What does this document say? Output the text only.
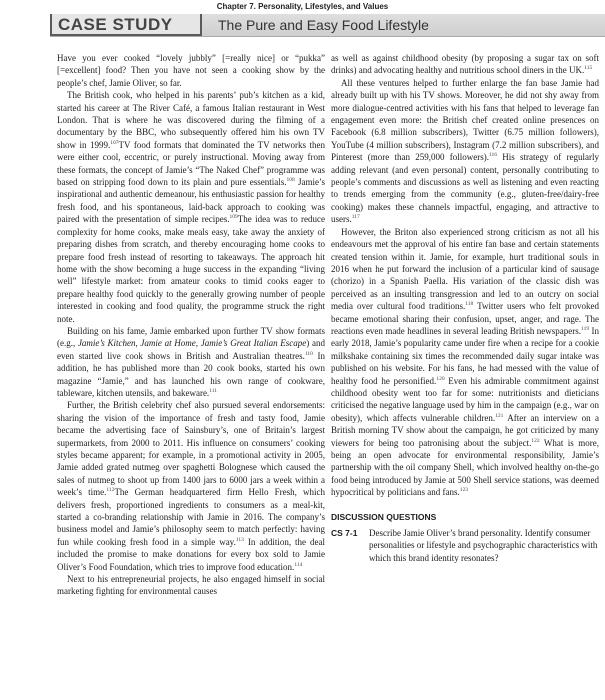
Chapter 7. Personality, Lifestyles, and Values
CASE STUDY	The Pure and Easy Food Lifestyle

Have you ever cooked “lovely jubbly” [=really nice] or “pukka” [=excellent] food? Then you have not seen a cooking show by the people’s chef, Jamie Oliver, so far.

The British cook, who helped in his parents’ pub’s kitchen as a kid, started his career at The River Café, a famous Italian restaurant in West London. That is where he was discovered during the filming of a documentary by the BBC, who subsequently offered him his own TV show in 1999.$^{107}$TV food formats that dominated the TV networks then were either cool, eccentric, or purely instructional. Moving away from these formats, the concept of Jamie’s “The Naked Chef” programme was based on stripping food down to its plain and pure essentials.$^{108}$ Jamie’s inspirational and authentic demeanour, his enthusiastic passion for healthy fresh food, and his spontaneous, laid-back approach to cooking was paired with the presentation of simple recipes.$^{109}$The idea was to reduce complexity for home cooks, make meals easy, take away the anxiety of preparing dishes from scratch, and thereby encouraging home cooks to prepare food fresh instead of resorting to takeaways. The approach hit home with the show becoming a huge success in the expanding “living well” lifestyle market: from amateur cooks to timid cooks eager to prepare healthy food quickly to the generally growing number of people interested in cooking and food quality, the programme struck the right note.

Building on his fame, Jamie embarked upon further TV show formats (e.g., Jamie’s Kitchen, Jamie at Home, Jamie’s Great Italian Escape) and even started live cook shows in British and Australian theatres.$^{110}$ In addition, he has published more than 20 cook books, started his own magazine “Jamie,” and has launched his own range of cookware, tableware, kitchen utensils, and bakeware.$^{111}$

Further, the British celebrity chef also pursued several endorsements: sharing the vision of the importance of fresh and tasty food, Jamie became the advertising face of Sainsbury’s, one of Britain’s largest supermarkets, from 2000 to 2011. His influence on consumers’ cooking styles became apparent; for example, in a promotional activity in 2005, Jamie added grated nutmeg over spaghetti Bolognese which caused the sales of nutmeg to shoot up from 1400 jars to 6000 jars a week within a week’s time.$^{112}$The German headquartered firm Hello Fresh, which delivers fresh, proportioned ingredients to consumers as a meal-kit, started a co-branding relationship with Jamie in 2016. The company’s business model and Jamie’s philosophy seem to match perfectly: having fun while cooking fresh food in a simple way.$^{113}$ In addition, the deal included the promise to make donations for every box sold to Jamie Oliver’s Food Foundation, which tries to improve food education.$^{114}$

Next to his entrepreneurial projects, he also engaged himself in social marketing fighting for environmental causes

as well as against childhood obesity (by proposing a sugar tax on soft drinks) and advocating healthy and nutritious school diners in the UK.$^{115}$

All these ventures helped to further enlarge the fan base Jamie had already built up with his TV shows. Moreover, he did not shy away from more dialogue-centred activities with his fans that helped to leverage fan engagement even more: the British chef created online presences on Facebook (6.8 million subscribers), Twitter (6.75 million followers), YouTube (4 million subscribers), Instagram (7.2 million subscribers), and Pinterest (more than 259,000 followers).$^{116}$ His strategy of regularly adding relevant (and even personal) content, personally contributing to people’s comments and discussions as well as listening and even reacting to trends emerging from the community (e.g., gluten-free/dairy-free cooking) makes these channels impactful, engaging, and attractive to users.$^{117}$

However, the Briton also experienced strong criticism as not all his endeavours met the approval of his entire fan base and certain statements created tension within it. Jamie, for example, hurt traditional souls in 2016 when he put forward the inclusion of a particular kind of sausage (chorizo) in a Spanish Paella. His variation of the classic dish was perceived as an insulting transgression and led to an outcry on social media over cultural food traditions.$^{118}$ Twitter users who felt provoked became emotional sharing their confusion, upset, anger, and rage. The reactions even made headlines in several leading British newspapers.$^{119}$ In early 2018, Jamie’s popularity came under fire when a recipe for a cookie milkshake containing six times the recommended daily sugar intake was published on his website. For his fans, he had messed with the value of healthy food he personified.$^{120}$ Even his admirable commitment against childhood obesity went too far for some: nutritionists and dieticians criticised the negative language used by him in the campaign (e.g., war on obesity), which affects vulnerable children.$^{121}$ After an interview on a British morning TV show about the campaign, he got criticized by many viewers for being too patronising about the subject.$^{122}$ What is more, being an open advocate for environmental responsibility, Jamie’s partnership with the oil company Shell, which involved healthy on-the-go food being introduced by Jamie at 500 Shell service stations, was deemed hypocritical by politicians and fans.$^{123}$

DISCUSSION QUESTIONS
CS 7-1	Describe Jamie Oliver’s brand personality. Identify consumer personalities or lifestyle and psychographic characteristics with which this brand identity resonates?
